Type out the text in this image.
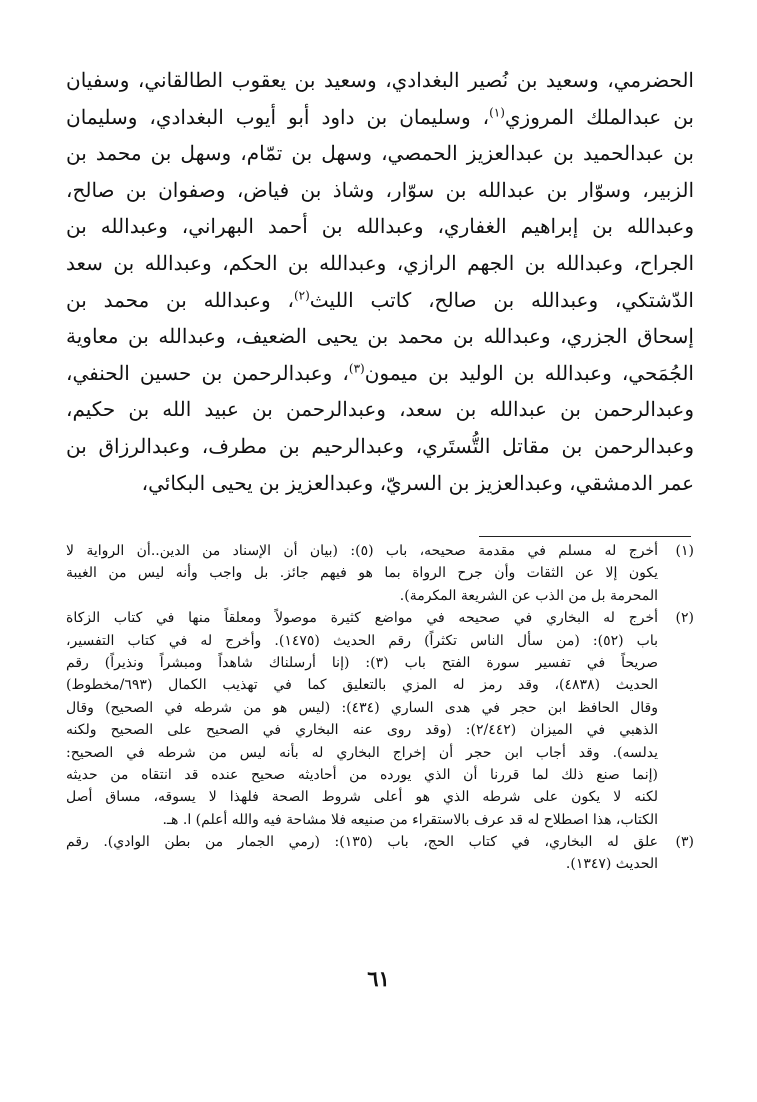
الحضرمي، وسعيد بن نُصير البغدادي، وسعيد بن يعقوب الطالقاني، وسفيان
بن عبدالملك المروزي$^{(١)}$، وسليمان بن داود أبو أيوب البغدادي، وسليمان
بن عبدالحميد بن عبدالعزيز الحمصي، وسهل بن تمّام، وسهل بن محمد بن
الزبير، وسوّار بن عبدالله بن سوّار، وشاذ بن فياض، وصفوان بن صالح،
وعبدالله بن إبراهيم الغفاري، وعبدالله بن أحمد البهراني، وعبدالله بن
الجراح، وعبدالله بن الجهم الرازي، وعبدالله بن الحكم، وعبدالله بن سعد
الدّشتكي، وعبدالله بن صالح، كاتب الليث$^{(٢)}$، وعبدالله بن محمد بن
إسحاق الجزري، وعبدالله بن محمد بن يحيى الضعيف، وعبدالله بن معاوية
الجُمَحي، وعبدالله بن الوليد بن ميمون$^{(٣)}$، وعبدالرحمن بن حسين الحنفي،
وعبدالرحمن بن عبدالله بن سعد، وعبدالرحمن بن عبيد الله بن حكيم،
وعبدالرحمن بن مقاتل التُّستَري، وعبدالرحيم بن مطرف، وعبدالرزاق بن
عمر الدمشقي، وعبدالعزيز بن السريّ، وعبدالعزيز بن يحيى البكائي،
(١)
أخرج له مسلم في مقدمة صحيحه، باب (٥): (بيان أن الإسناد من الدين..أن الرواية لا
يكون إلا عن الثقات وأن جرح الرواة بما هو فيهم جائز. بل واجب وأنه ليس من الغيبة
المحرمة بل من الذب عن الشريعة المكرمة).
(٢)
أخرج له البخاري في صحيحه في مواضع كثيرة موصولاً ومعلقاً منها في كتاب الزكاة
باب (٥٢): (من سأل الناس تكثراً) رقم الحديث (١٤٧٥). وأخرج له في كتاب التفسير،
صريحاً في تفسير سورة الفتح باب (٣): (إنا أرسلناك شاهداً ومبشراً ونذيراً) رقم
الحديث (٤٨٣٨)، وقد رمز له المزي بالتعليق كما في تهذيب الكمال (٦٩٣/مخطوط)
وقال الحافظ ابن حجر في هدى الساري (٤٣٤): (ليس هو من شرطه في الصحيح) وقال
الذهبي في الميزان (٢/٤٤٢): (وقد روى عنه البخاري في الصحيح على الصحيح ولكنه
يدلسه). وقد أجاب ابن حجر أن إخراج البخاري له بأنه ليس من شرطه في الصحيح:
(إنما صنع ذلك لما قررنا أن الذي يورده من أحاديثه صحيح عنده قد انتقاه من حديثه
لكنه لا يكون على شرطه الذي هو أعلى شروط الصحة فلهذا لا يسوقه، مساق أصل
الكتاب، هذا اصطلاح له قد عرف بالاستقراء من صنيعه فلا مشاحة فيه والله أعلم) ا. هـ.
(٣)
علق له البخاري، في كتاب الحج، باب (١٣٥): (رمي الجمار من بطن الوادي). رقم
الحديث (١٣٤٧).
٦١
